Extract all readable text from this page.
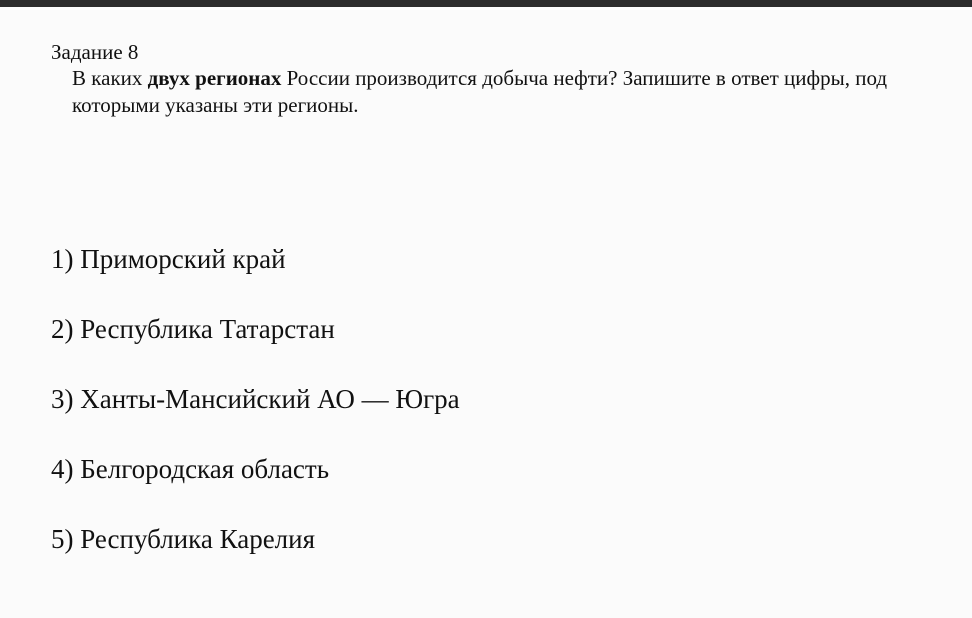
Задание 8
В каких двух регионах России производится добыча нефти? Запишите в ответ цифры, под
которыми указаны эти регионы.
1) Приморский край
2) Республика Татарстан
3) Ханты-Мансийский АО — Югра
4) Белгородская область
5) Республика Карелия
